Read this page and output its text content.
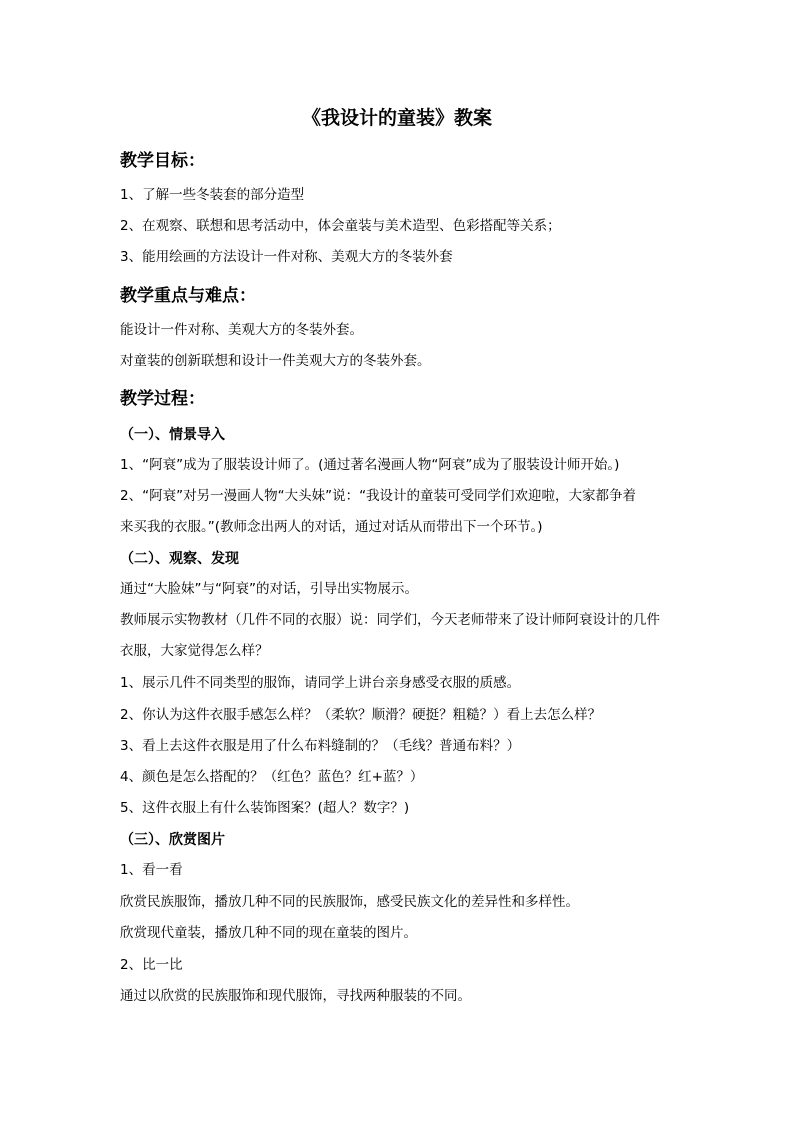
《我设计的童装》教案
教学目标：
1、了解一些冬装套的部分造型
2、在观察、联想和思考活动中，体会童装与美术造型、色彩搭配等关系；
3、能用绘画的方法设计一件对称、美观大方的冬装外套
教学重点与难点：
能设计一件对称、美观大方的冬装外套。
对童装的创新联想和设计一件美观大方的冬装外套。
教学过程：
（一）、情景导入
1、“阿衰”成为了服装设计师了。(通过著名漫画人物“阿衰”成为了服装设计师开始。)
2、“阿衰”对另一漫画人物“大头妹”说：“我设计的童装可受同学们欢迎啦，大家都争着
来买我的衣服。”(教师念出两人的对话，通过对话从而带出下一个环节。)
（二）、观察、发现
通过“大脸妹”与“阿衰”的对话，引导出实物展示。
教师展示实物教材（几件不同的衣服）说：同学们，今天老师带来了设计师阿衰设计的几件
衣服，大家觉得怎么样？
1、展示几件不同类型的服饰，请同学上讲台亲身感受衣服的质感。
2、你认为这件衣服手感怎么样？（柔软？顺滑？硬挺？粗糙？）看上去怎么样？
3、看上去这件衣服是用了什么布料缝制的？（毛线？普通布料？）
4、颜色是怎么搭配的？（红色？蓝色？红+蓝？）
5、这件衣服上有什么装饰图案？(超人？数字？)
（三）、欣赏图片
1、看一看
欣赏民族服饰，播放几种不同的民族服饰，感受民族文化的差异性和多样性。
欣赏现代童装，播放几种不同的现在童装的图片。
2、比一比
通过以欣赏的民族服饰和现代服饰，寻找两种服装的不同。
